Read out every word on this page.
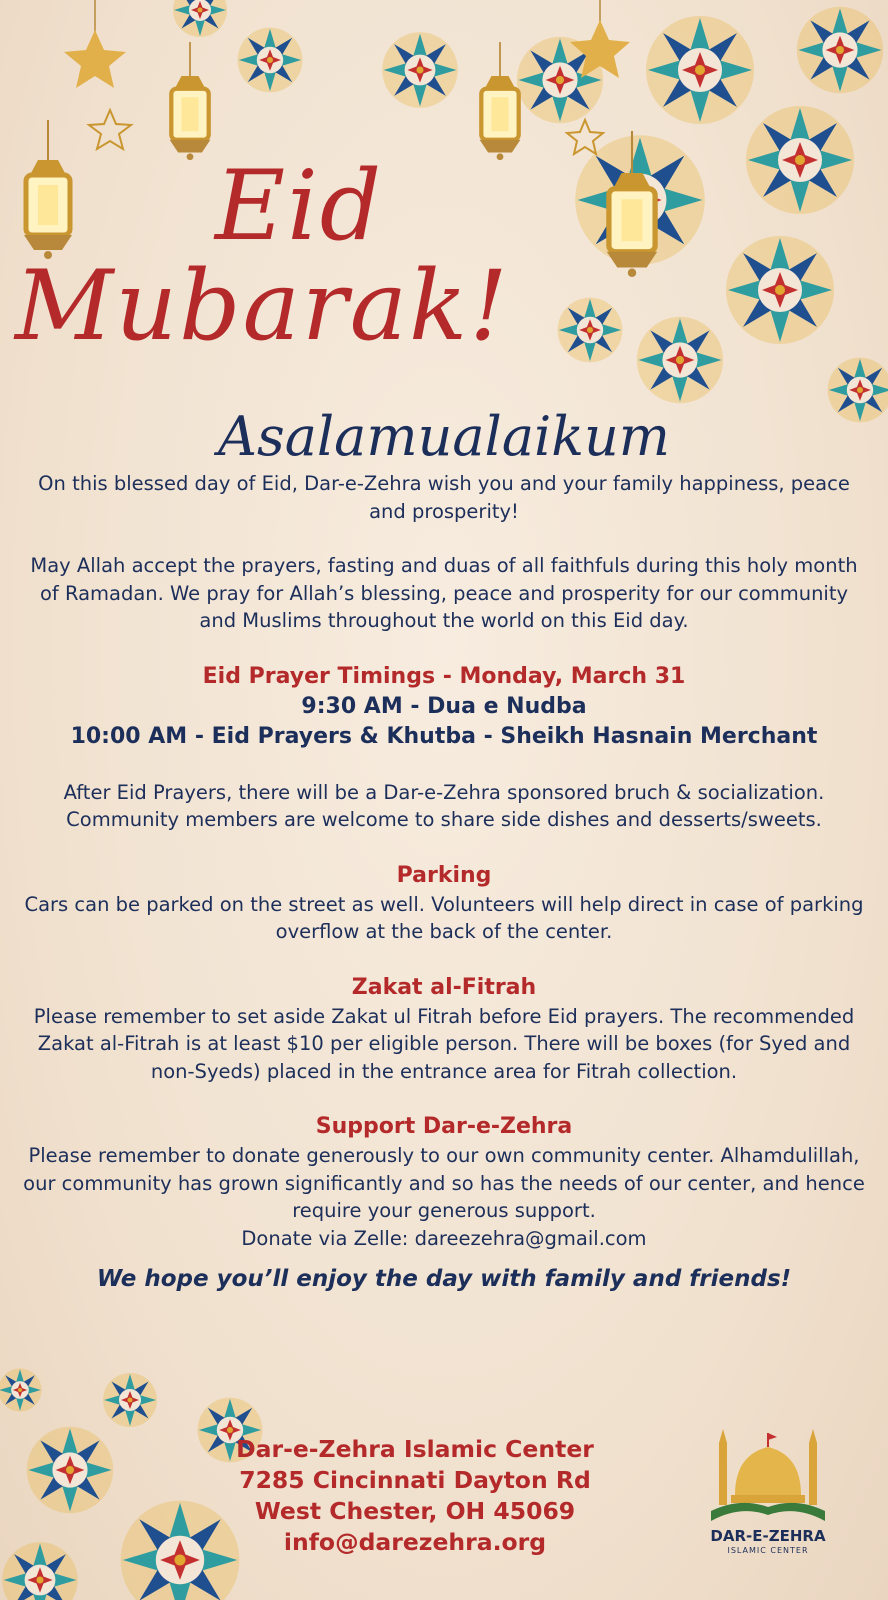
Eid
Mubarak!
Asalamualaikum

On this blessed day of Eid, Dar-e-Zehra wish you and your family happiness, peace and prosperity!

May Allah accept the prayers, fasting and duas of all faithfuls during this holy month of Ramadan. We pray for Allah’s blessing, peace and prosperity for our community and Muslims throughout the world on this Eid day.

Eid Prayer Timings - Monday, March 31

9:30 AM - Dua e Nudba

10:00 AM - Eid Prayers & Khutba - Sheikh Hasnain Merchant

After Eid Prayers, there will be a Dar-e-Zehra sponsored bruch & socialization. Community members are welcome to share side dishes and desserts/sweets.

Parking

Cars can be parked on the street as well. Volunteers will help direct in case of parking overflow at the back of the center.

Zakat al-Fitrah

Please remember to set aside Zakat ul Fitrah before Eid prayers. The recommended Zakat al-Fitrah is at least $10 per eligible person. There will be boxes (for Syed and non-Syeds) placed in the entrance area for Fitrah collection.

Support Dar-e-Zehra

Please remember to donate generously to our own community center. Alhamdulillah, our community has grown significantly and so has the needs of our center, and hence require your generous support.

Donate via Zelle: dareezehra@gmail.com

We hope you’ll enjoy the day with family and friends!

Dar-e-Zehra Islamic Center

7285 Cincinnati Dayton Rd

West Chester, OH 45069

info@darezehra.org	DAR-E-ZEHRA
ISLAMIC CENTER
